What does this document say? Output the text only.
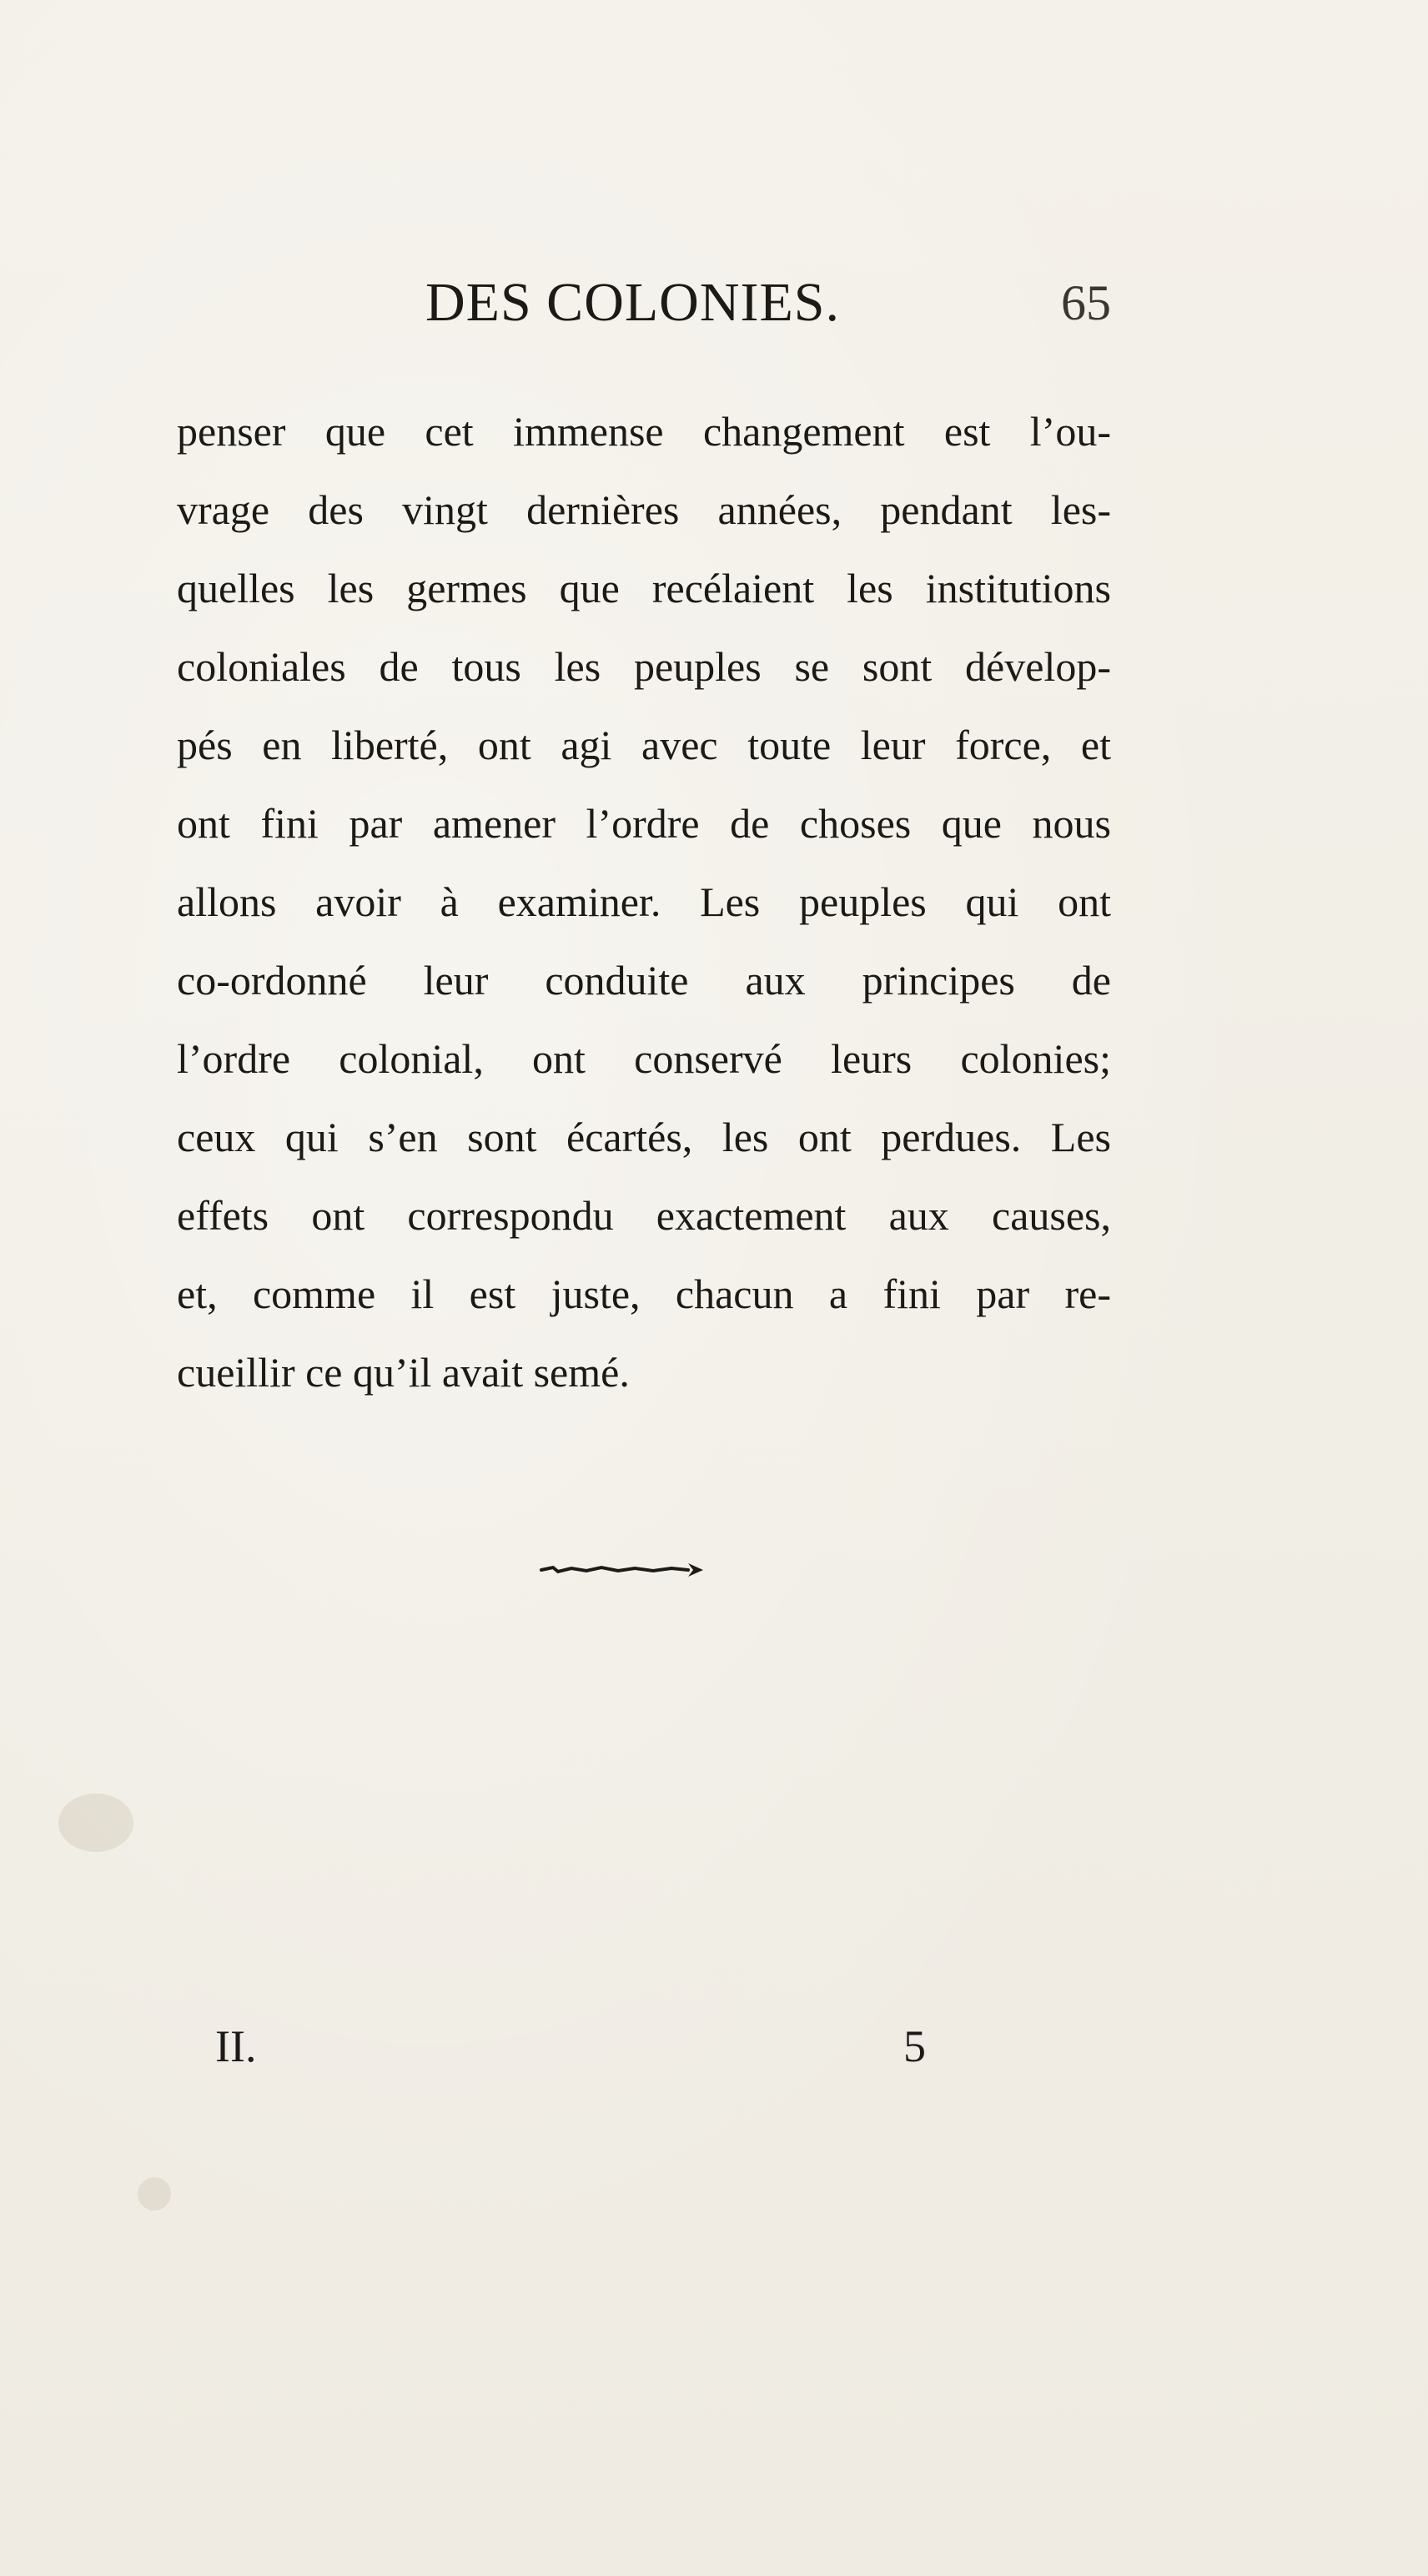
DES COLONIES.	65
penser que cet immense changement est l’ou-
vrage des vingt dernières années, pendant les-
quelles les germes que recélaient les institutions
coloniales de tous les peuples se sont dévelop-
pés en liberté, ont agi avec toute leur force, et
ont fini par amener l’ordre de choses que nous
allons avoir à examiner. Les peuples qui ont
co-ordonné leur conduite aux principes de
l’ordre colonial, ont conservé leurs colonies;
ceux qui s’en sont écartés, les ont perdues. Les
effets ont correspondu exactement aux causes,
et, comme il est juste, chacun a fini par re-
cueillir ce qu’il avait semé.
II.	5
